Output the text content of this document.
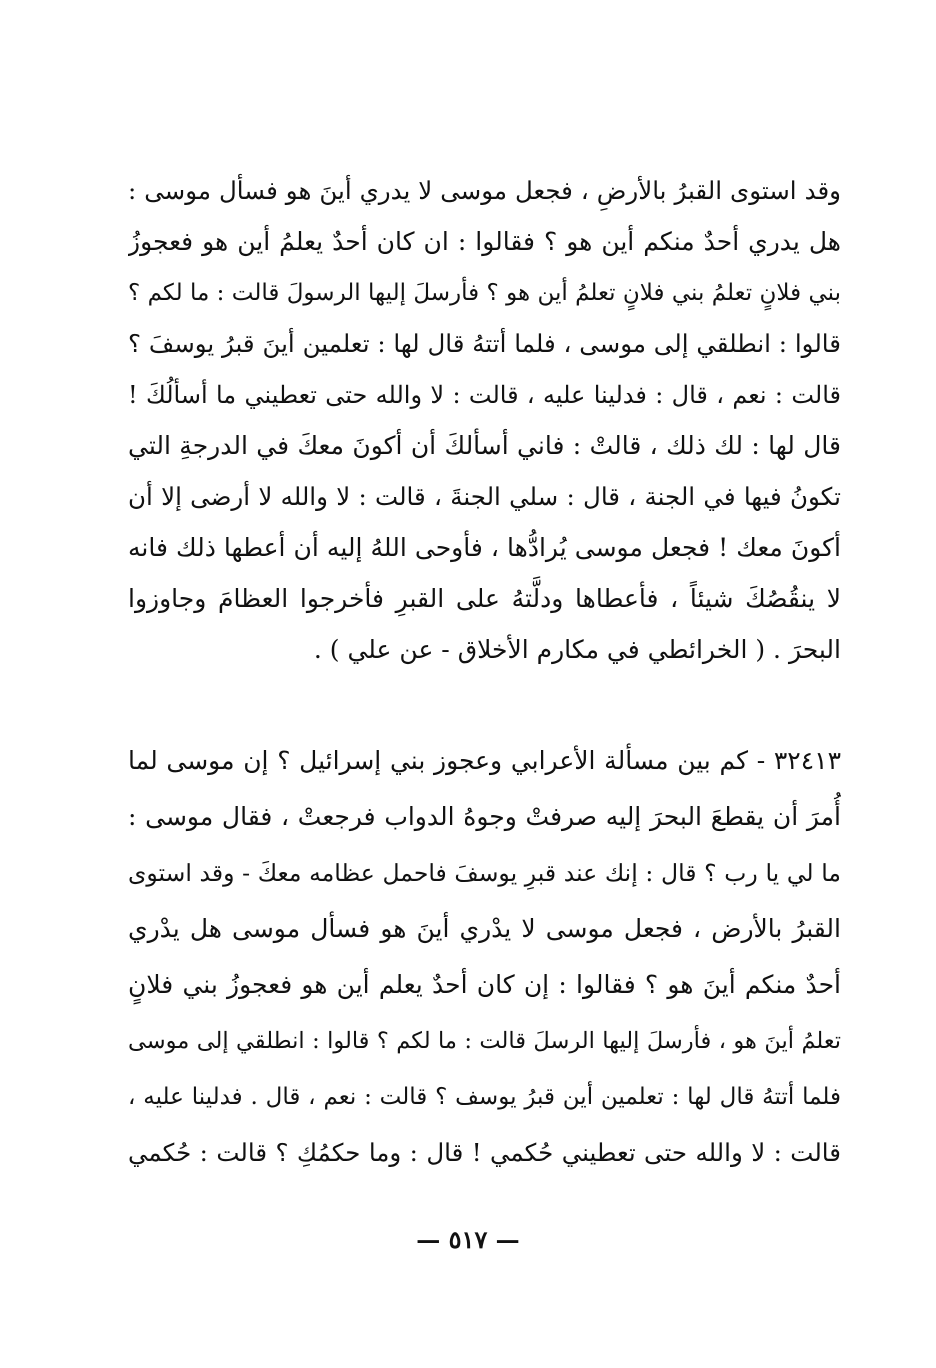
وقد استوى القبرُ بالأرضِ ، فجعل موسى لا يدري أينَ هو فسأل موسى :
هل يدري أحدٌ منكم أين هو ؟ فقالوا : ان كان أحدٌ يعلمُ أين هو فعجوزُ
بني فلانٍ تعلمُ بني فلانٍ تعلمُ أين هو ؟ فأرسلَ إليها الرسولَ قالت : ما لكم ؟
قالوا : انطلقي إلى موسى ، فلما أتتهُ قال لها : تعلمين أينَ قبرُ يوسفَ ؟
قالت : نعم ، قال : فدلينا عليه ، قالت : لا والله حتى تعطيني ما أسألُكَ !
قال لها : لك ذلك ، قالتْ : فاني أسألكَ أن أكونَ معكَ في الدرجةِ التي
تكونُ فيها في الجنة ، قال : سلي الجنةَ ، قالت : لا والله لا أرضى إلا أن
أكونَ معك ! فجعل موسى يُرادُّها ، فأوحى اللهُ إليه أن أعطها ذلك فانه
لا ينقُصُكَ شيئاً ، فأعطاها ودلَّتهُ على القبرِ فأخرجوا العظامَ وجاوزوا
البحرَ . ( الخرائطي في مكارم الأخلاق - عن علي ) .
٣٢٤١٣ - كم بين مسألة الأعرابي وعجوز بني إسرائيل ؟ إن موسى لما
أُمرَ أن يقطعَ البحرَ إليه صرفتْ وجوهُ الدواب فرجعتْ ، فقال موسى :
ما لي يا رب ؟ قال : إنك عند قبرِ يوسفَ فاحمل عظامه معكَ - وقد استوى
القبرُ بالأرض ، فجعل موسى لا يدْري أينَ هو فسأل موسى هل يدْري
أحدٌ منكم أينَ هو ؟ فقالوا : إن كان أحدٌ يعلم أين هو فعجوزُ بني فلانٍ
تعلمُ أينَ هو ، فأرسلَ إليها الرسلَ قالت : ما لكم ؟ قالوا : انطلقي إلى موسى
فلما أتتهُ قال لها : تعلمين أين قبرُ يوسف ؟ قالت : نعم ، قال . فدلينا عليه ،
قالت : لا والله حتى تعطيني حُكمي ! قال : وما حكمُكِ ؟ قالت : حُكمي
— ٥١٧ —
